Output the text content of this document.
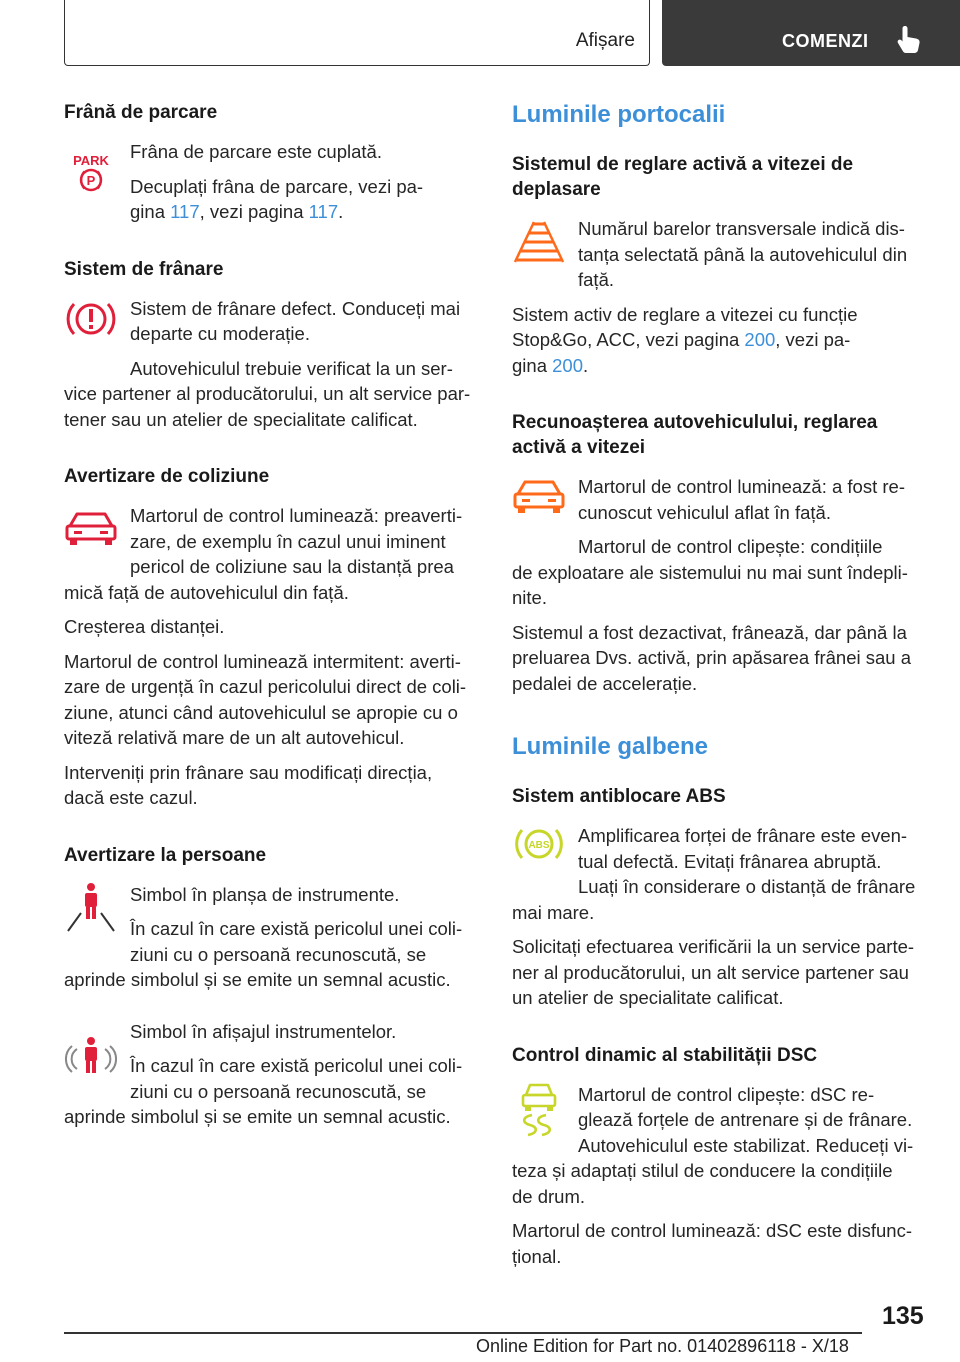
Afișare	COMENZI
Frână de parcare
PARK
P
Frâna de parcare este cuplată.
Decuplați frâna de parcare, vezi pa‐
gina 117, vezi pagina 117.
Sistem de frânare
Sistem de frânare defect. Conduceți mai
departe cu moderație.
Autovehiculul trebuie verificat la un ser‐
vice partener al producătorului, un alt service par‐
tener sau un atelier de specialitate calificat.
Avertizare de coliziune
Martorul de control luminează: preaverti‐
zare, de exemplu în cazul unui iminent
pericol de coliziune sau la distanță prea
mică față de autovehiculul din față.
Creșterea distanței.
Martorul de control luminează intermitent: averti‐
zare de urgență în cazul pericolului direct de coli‐
ziune, atunci când autovehiculul se apropie cu o
viteză relativă mare de un alt autovehicul.
Interveniți prin frânare sau modificați direcția,
dacă este cazul.
Avertizare la persoane
Simbol în planșa de instrumente.
În cazul în care există pericolul unei coli‐
ziuni cu o persoană recunoscută, se
aprinde simbolul și se emite un semnal acustic.
Simbol în afișajul instrumentelor.
În cazul în care există pericolul unei coli‐
ziuni cu o persoană recunoscută, se
aprinde simbolul și se emite un semnal acustic.
Luminile portocalii
Sistemul de reglare activă a vitezei de
deplasare
Numărul barelor transversale indică dis‐
tanța selectată până la autovehiculul din
față.
Sistem activ de reglare a vitezei cu funcție
Stop&Go, ACC, vezi pagina 200, vezi pa‐
gina 200.
Recunoașterea autovehiculului, reglarea
activă a vitezei
Martorul de control luminează: a fost re‐
cunoscut vehiculul aflat în față.
Martorul de control clipește: condițiile
de exploatare ale sistemului nu mai sunt îndepli‐
nite.
Sistemul a fost dezactivat, frânează, dar până la
preluarea Dvs. activă, prin apăsarea frânei sau a
pedalei de accelerație.
Luminile galbene
Sistem antiblocare ABS
ABS	Amplificarea forței de frânare este even‐
tual defectă. Evitați frânarea abruptă.
Luați în considerare o distanță de frânare
mai mare.
Solicitați efectuarea verificării la un service parte‐
ner al producătorului, un alt service partener sau
un atelier de specialitate calificat.
Control dinamic al stabilității DSC
Martorul de control clipește: dSC re‐
glează forțele de antrenare și de frânare.
Autovehiculul este stabilizat. Reduceți vi‐
teza și adaptați stilul de conducere la condițiile
de drum.
Martorul de control luminează: dSC este disfunc‐
țional.
135
Online Edition for Part no. 01402896118 - X/18
